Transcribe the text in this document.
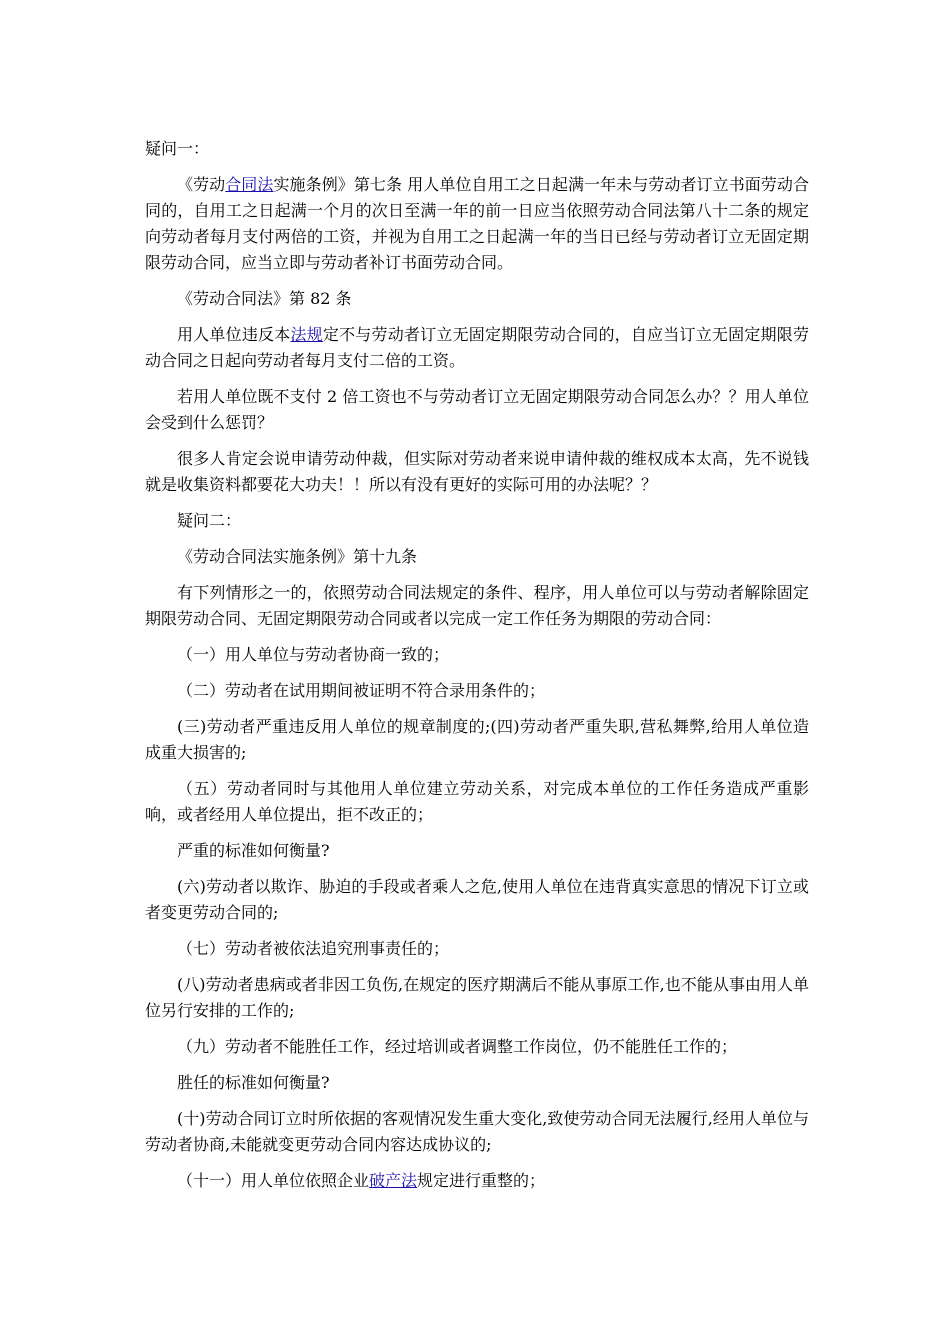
疑问一：

《劳动合同法实施条例》第七条 用人单位自用工之日起满一年未与劳动者订立书面劳动合同的，自用工之日起满一个月的次日至满一年的前一日应当依照劳动合同法第八十二条的规定向劳动者每月支付两倍的工资，并视为自用工之日起满一年的当日已经与劳动者订立无固定期限劳动合同，应当立即与劳动者补订书面劳动合同。

《劳动合同法》第 82 条

用人单位违反本法规定不与劳动者订立无固定期限劳动合同的，自应当订立无固定期限劳动合同之日起向劳动者每月支付二倍的工资。

若用人单位既不支付 2 倍工资也不与劳动者订立无固定期限劳动合同怎么办？？用人单位会受到什么惩罚？

很多人肯定会说申请劳动仲裁，但实际对劳动者来说申请仲裁的维权成本太高，先不说钱就是收集资料都要花大功夫！！所以有没有更好的实际可用的办法呢？？

疑问二：

《劳动合同法实施条例》第十九条

有下列情形之一的，依照劳动合同法规定的条件、程序，用人单位可以与劳动者解除固定期限劳动合同、无固定期限劳动合同或者以完成一定工作任务为期限的劳动合同：

（一）用人单位与劳动者协商一致的；

（二）劳动者在试用期间被证明不符合录用条件的；

(三)劳动者严重违反用人单位的规章制度的;(四)劳动者严重失职,营私舞弊,给用人单位造成重大损害的;

（五）劳动者同时与其他用人单位建立劳动关系，对完成本单位的工作任务造成严重影响，或者经用人单位提出，拒不改正的；

严重的标准如何衡量?

(六)劳动者以欺诈、胁迫的手段或者乘人之危,使用人单位在违背真实意思的情况下订立或者变更劳动合同的;

（七）劳动者被依法追究刑事责任的；

(八)劳动者患病或者非因工负伤,在规定的医疗期满后不能从事原工作,也不能从事由用人单位另行安排的工作的;

（九）劳动者不能胜任工作，经过培训或者调整工作岗位，仍不能胜任工作的；

胜任的标准如何衡量?

(十)劳动合同订立时所依据的客观情况发生重大变化,致使劳动合同无法履行,经用人单位与劳动者协商,未能就变更劳动合同内容达成协议的;

（十一）用人单位依照企业破产法规定进行重整的；
